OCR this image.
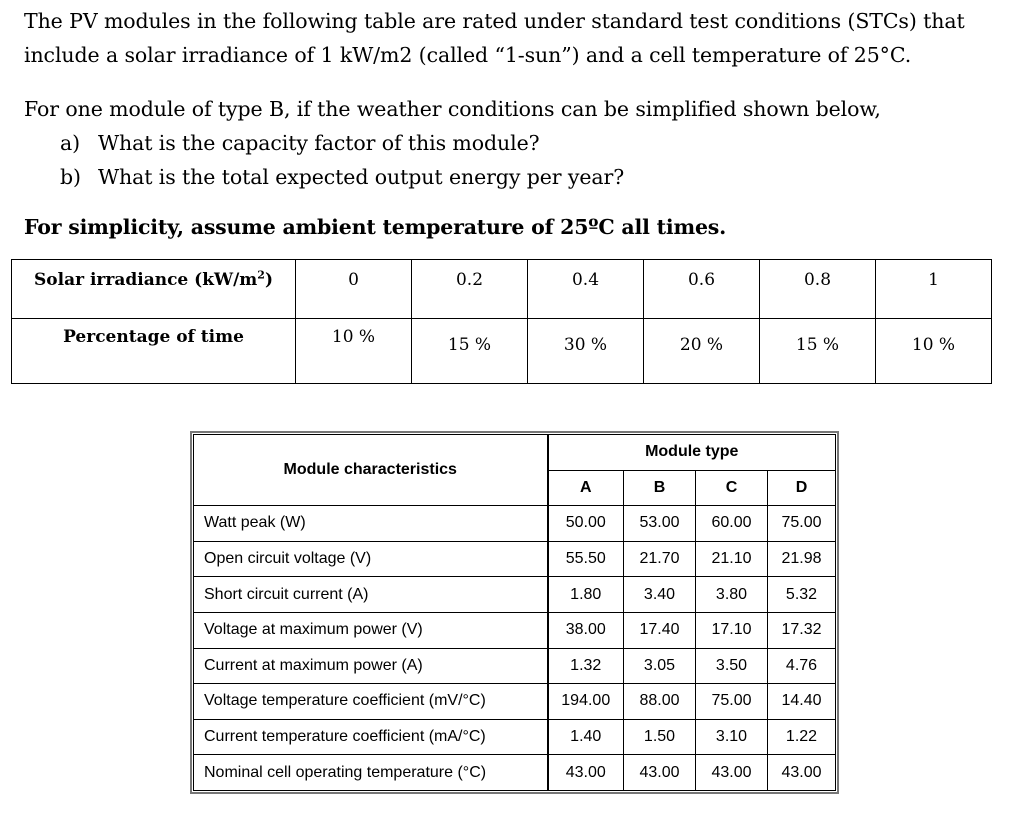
The PV modules in the following table are rated under standard test conditions (STCs) that include a solar irradiance of 1 kW/m2 (called “1-sun”) and a cell temperature of 25°C.

For one module of type B, if the weather conditions can be simplified shown below,
a) What is the capacity factor of this module?
b) What is the total expected output energy per year?

For simplicity, assume ambient temperature of 25ºC all times.

Solar irradiance $(kW/m^2)$	0	0.2	0.4	0.6	0.8	1
Percentage of time	10 %	15 %	30 %	20 %	15 %	10 %
Module characteristics	Module type			
	A	B	C	D
Watt peak (W)	50.00	53.00	60.00	75.00
Open circuit voltage (V)	55.50	21.70	21.10	21.98
Short circuit current (A)	1.80	3.40	3.80	5.32
Voltage at maximum power (V)	38.00	17.40	17.10	17.32
Current at maximum power (A)	1.32	3.05	3.50	4.76
Voltage temperature coefficient (mV/°C)	194.00	88.00	75.00	14.40
Current temperature coefficient (mA/°C)	1.40	1.50	3.10	1.22
Nominal cell operating temperature (°C)	43.00	43.00	43.00	43.00
